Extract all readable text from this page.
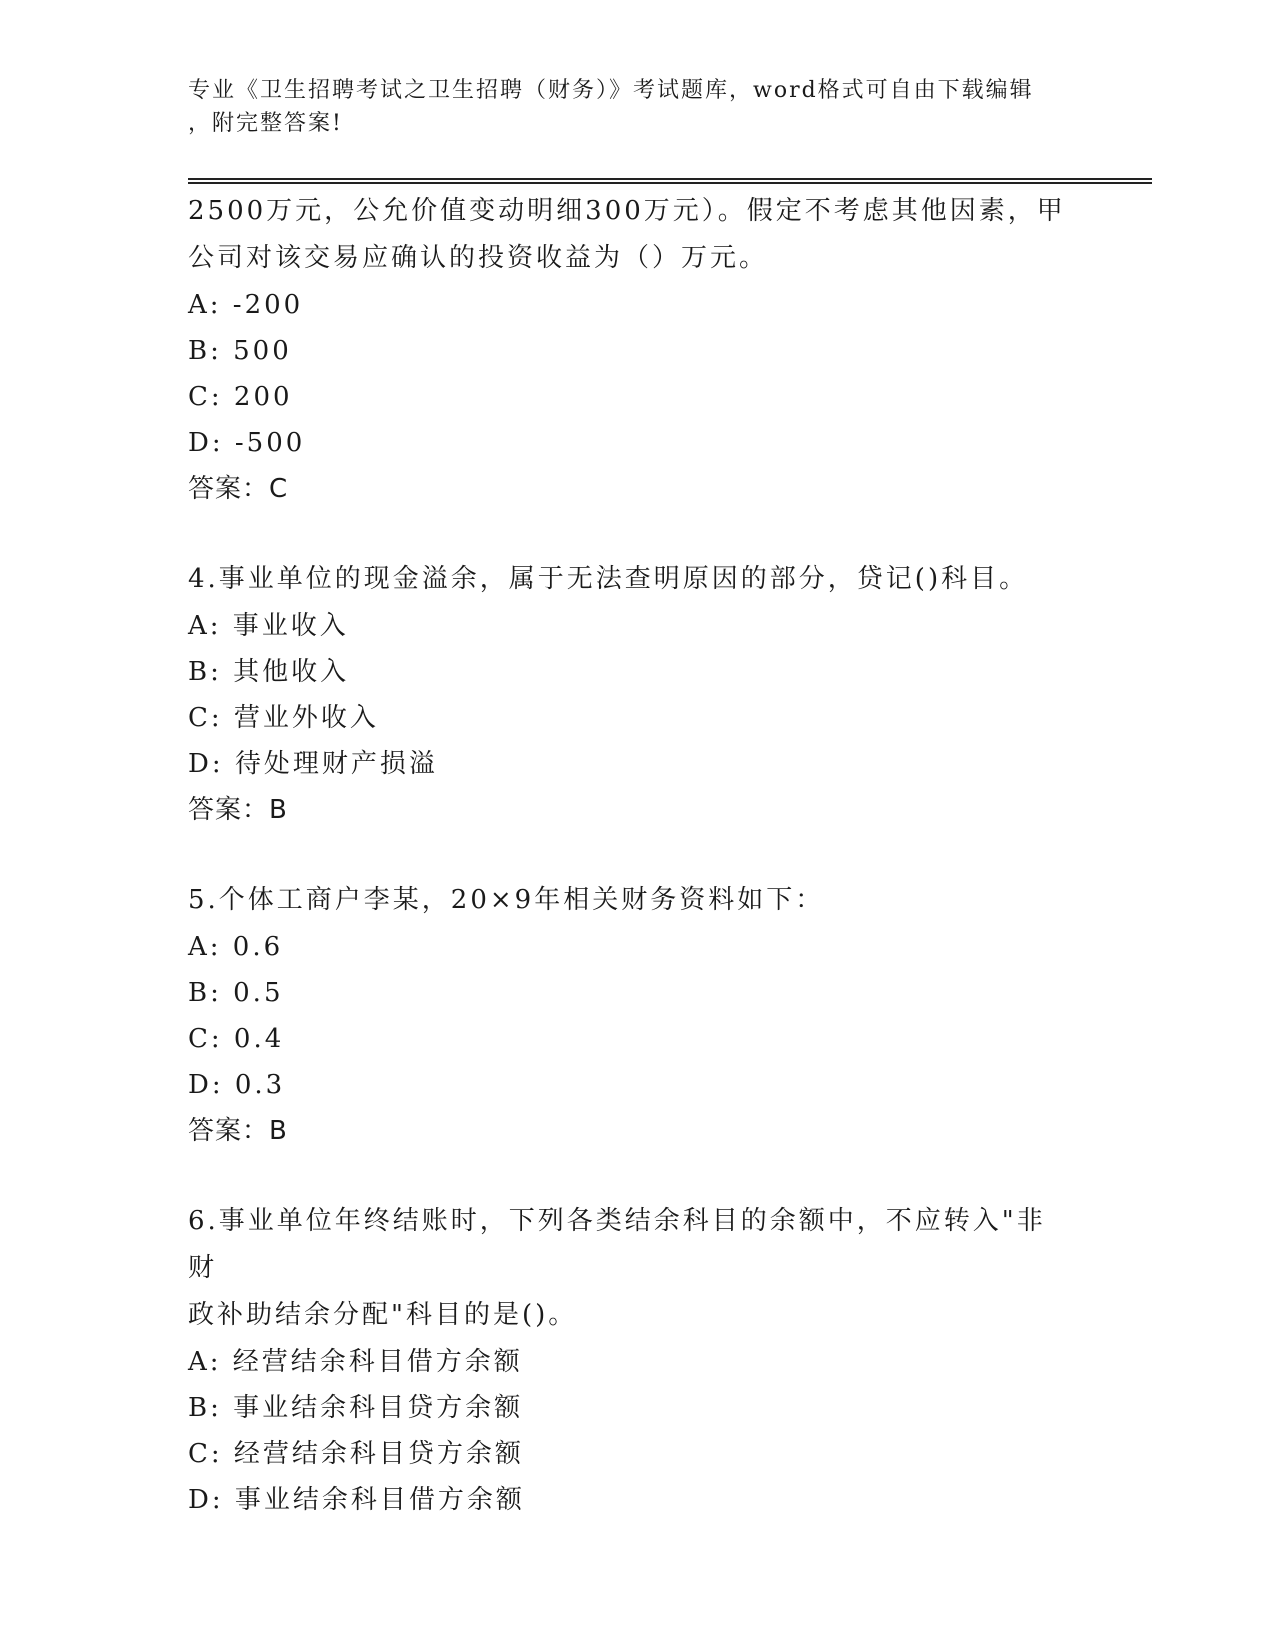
专业《卫生招聘考试之卫生招聘（财务）》考试题库，word格式可自由下载编辑
，附完整答案!
2500万元，公允价值变动明细300万元）。假定不考虑其他因素，甲
公司对该交易应确认的投资收益为（）万元。
A: -200
B: 500
C: 200
D: -500
答案：C
4.事业单位的现金溢余，属于无法查明原因的部分，贷记()科目。
A: 事业收入
B: 其他收入
C: 营业外收入
D: 待处理财产损溢
答案：B
5.个体工商户李某，20×9年相关财务资料如下：
A: 0.6
B: 0.5
C: 0.4
D: 0.3
答案：B
6.事业单位年终结账时，下列各类结余科目的余额中，不应转入"非财
政补助结余分配"科目的是()。
A: 经营结余科目借方余额
B: 事业结余科目贷方余额
C: 经营结余科目贷方余额
D: 事业结余科目借方余额
